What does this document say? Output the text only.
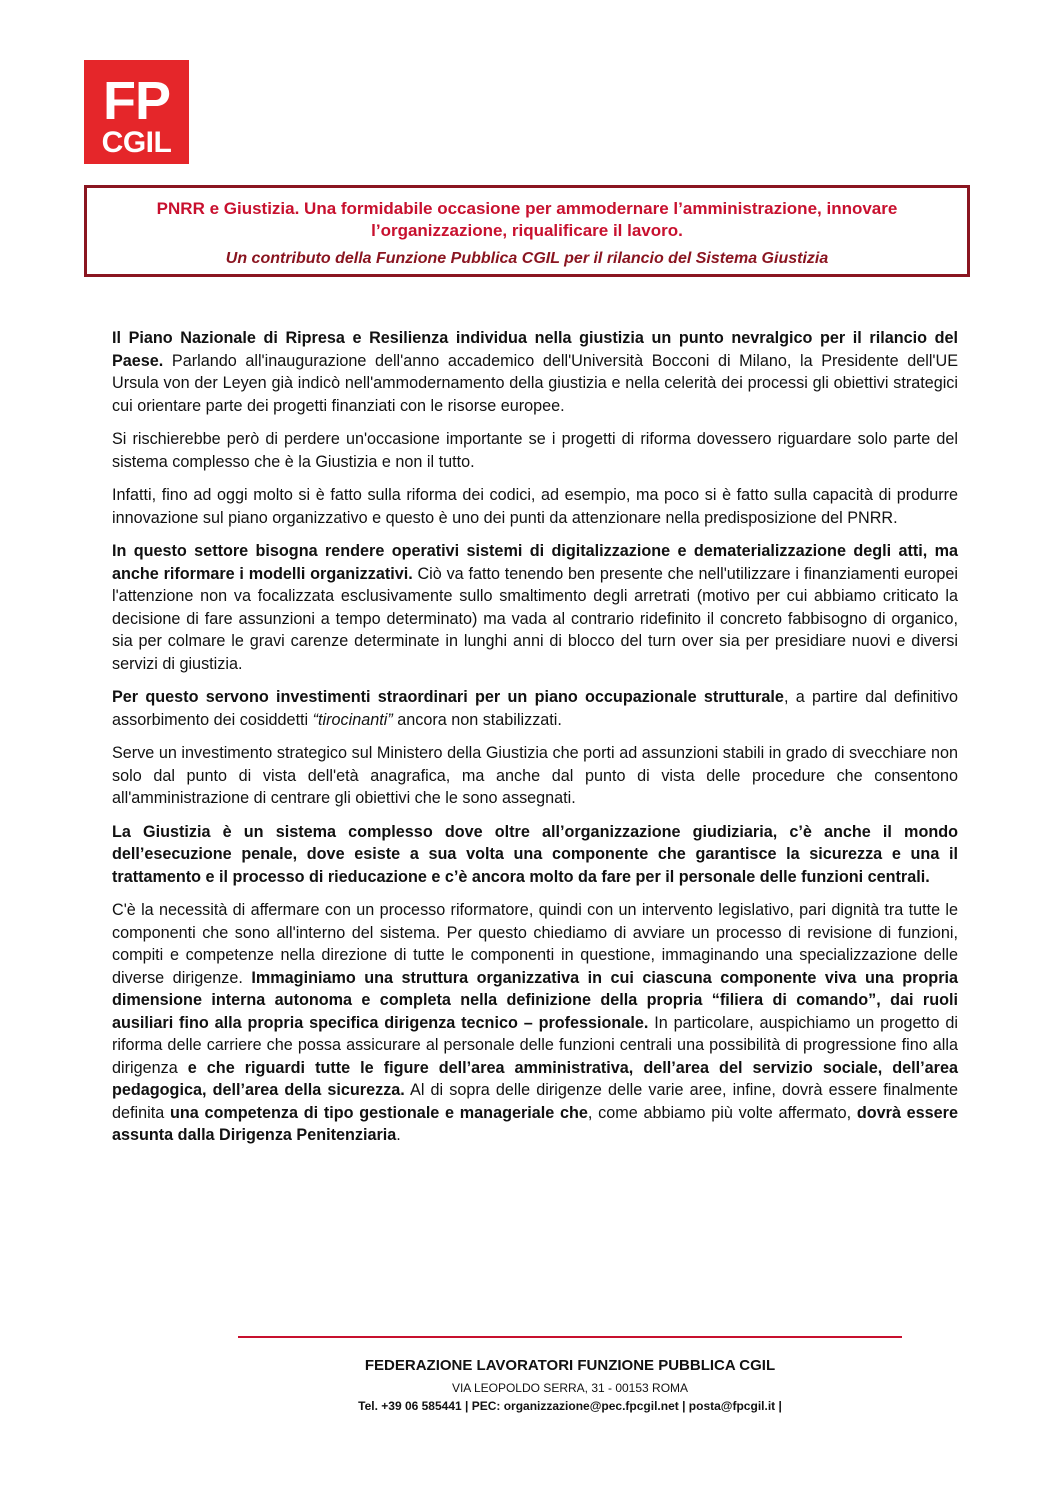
FP
CGIL

PNRR e Giustizia. Una formidabile occasione per ammodernare l’amministrazione, innovare l’organizzazione, riqualificare il lavoro.

Un contributo della Funzione Pubblica CGIL per il rilancio del Sistema Giustizia

Il Piano Nazionale di Ripresa e Resilienza individua nella giustizia un punto nevralgico per il rilancio del Paese. Parlando all'inaugurazione dell'anno accademico dell'Università Bocconi di Milano, la Presidente dell'UE Ursula von der Leyen già indicò nell'ammodernamento della giustizia e nella celerità dei processi gli obiettivi strategici cui orientare parte dei progetti finanziati con le risorse europee.

Si rischierebbe però di perdere un'occasione importante se i progetti di riforma dovessero riguardare solo parte del sistema complesso che è la Giustizia e non il tutto.

Infatti, fino ad oggi molto si è fatto sulla riforma dei codici, ad esempio, ma poco si è fatto sulla capacità di produrre innovazione sul piano organizzativo e questo è uno dei punti da attenzionare nella predisposizione del PNRR.

In questo settore bisogna rendere operativi sistemi di digitalizzazione e dematerializzazione degli atti, ma anche riformare i modelli organizzativi. Ciò va fatto tenendo ben presente che nell'utilizzare i finanziamenti europei l'attenzione non va focalizzata esclusivamente sullo smaltimento degli arretrati (motivo per cui abbiamo criticato la decisione di fare assunzioni a tempo determinato) ma vada al contrario ridefinito il concreto fabbisogno di organico, sia per colmare le gravi carenze determinate in lunghi anni di blocco del turn over sia per presidiare nuovi e diversi servizi di giustizia.

Per questo servono investimenti straordinari per un piano occupazionale strutturale, a partire dal definitivo assorbimento dei cosiddetti “tirocinanti” ancora non stabilizzati.

Serve un investimento strategico sul Ministero della Giustizia che porti ad assunzioni stabili in grado di svecchiare non solo dal punto di vista dell'età anagrafica, ma anche dal punto di vista delle procedure che consentono all'amministrazione di centrare gli obiettivi che le sono assegnati.

La Giustizia è un sistema complesso dove oltre all’organizzazione giudiziaria, c’è anche il mondo dell’esecuzione penale, dove esiste a sua volta una componente che garantisce la sicurezza e una il trattamento e il processo di rieducazione e c’è ancora molto da fare per il personale delle funzioni centrali.

C'è la necessità di affermare con un processo riformatore, quindi con un intervento legislativo, pari dignità tra tutte le componenti che sono all'interno del sistema. Per questo chiediamo di avviare un processo di revisione di funzioni, compiti e competenze nella direzione di tutte le componenti in questione, immaginando una specializzazione delle diverse dirigenze. Immaginiamo una struttura organizzativa in cui ciascuna componente viva una propria dimensione interna autonoma e completa nella definizione della propria “filiera di comando”, dai ruoli ausiliari fino alla propria specifica dirigenza tecnico – professionale. In particolare, auspichiamo un progetto di riforma delle carriere che possa assicurare al personale delle funzioni centrali una possibilità di progressione fino alla dirigenza e che riguardi tutte le figure dell’area amministrativa, dell’area del servizio sociale, dell’area pedagogica, dell’area della sicurezza. Al di sopra delle dirigenze delle varie aree, infine, dovrà essere finalmente definita una competenza di tipo gestionale e manageriale che, come abbiamo più volte affermato, dovrà essere assunta dalla Dirigenza Penitenziaria.

FEDERAZIONE LAVORATORI FUNZIONE PUBBLICA CGIL

VIA LEOPOLDO SERRA, 31 - 00153 ROMA

Tel. +39 06 585441 | PEC: organizzazione@pec.fpcgil.net | posta@fpcgil.it |
